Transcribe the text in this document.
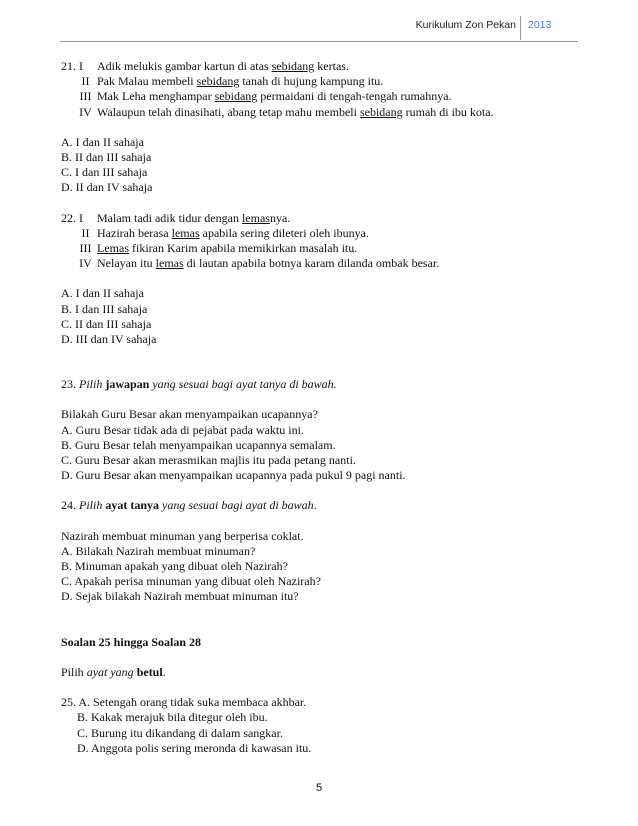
Kurikulum Zon Pekan 2013
21. I	Adik melukis gambar kartun di atas sebidang kertas.
II Pak Malau membeli sebidang tanah di hujung kampung itu.
III Mak Leha menghampar sebidang permaidani di tengah-tengah rumahnya.
IV Walaupun telah dinasihati, abang tetap mahu membeli sebidang rumah di ibu kota.
A. I dan II sahaja
B. II dan III sahaja
C. I dan III sahaja
D. II dan IV sahaja
22. I	Malam tadi adik tidur dengan lemasnya.
II Hazirah berasa lemas apabila sering dileteri oleh ibunya.
III Lemas fikiran Karim apabila memikirkan masalah itu.
IV Nelayan itu lemas di lautan apabila botnya karam dilanda ombak besar.
A. I dan II sahaja
B. I dan III sahaja
C. II dan III sahaja
D. III dan IV sahaja
23. Pilih jawapan yang sesuai bagi ayat tanya di bawah.
Bilakah Guru Besar akan menyampaikan ucapannya?
A. Guru Besar tidak ada di pejabat pada waktu ini.
B. Guru Besar telah menyampaikan ucapannya semalam.
C. Guru Besar akan merasmikan majlis itu pada petang nanti.
D. Guru Besar akan menyampaikan ucapannya pada pukul 9 pagi nanti.
24. Pilih ayat tanya yang sesuai bagi ayat di bawah.
Nazirah membuat minuman yang berperisa coklat.
A. Bilakah Nazirah membuat minuman?
B. Minuman apakah yang dibuat oleh Nazirah?
C. Apakah perisa minuman yang dibuat oleh Nazirah?
D. Sejak bilakah Nazirah membuat minuman itu?
Soalan 25 hingga Soalan 28
Pilih ayat yang betul.
25. A. Setengah orang tidak suka membaca akhbar.
B. Kakak merajuk bila ditegur oleh ibu.
C. Burung itu dikandang di dalam sangkar.
D. Anggota polis sering meronda di kawasan itu.
5
